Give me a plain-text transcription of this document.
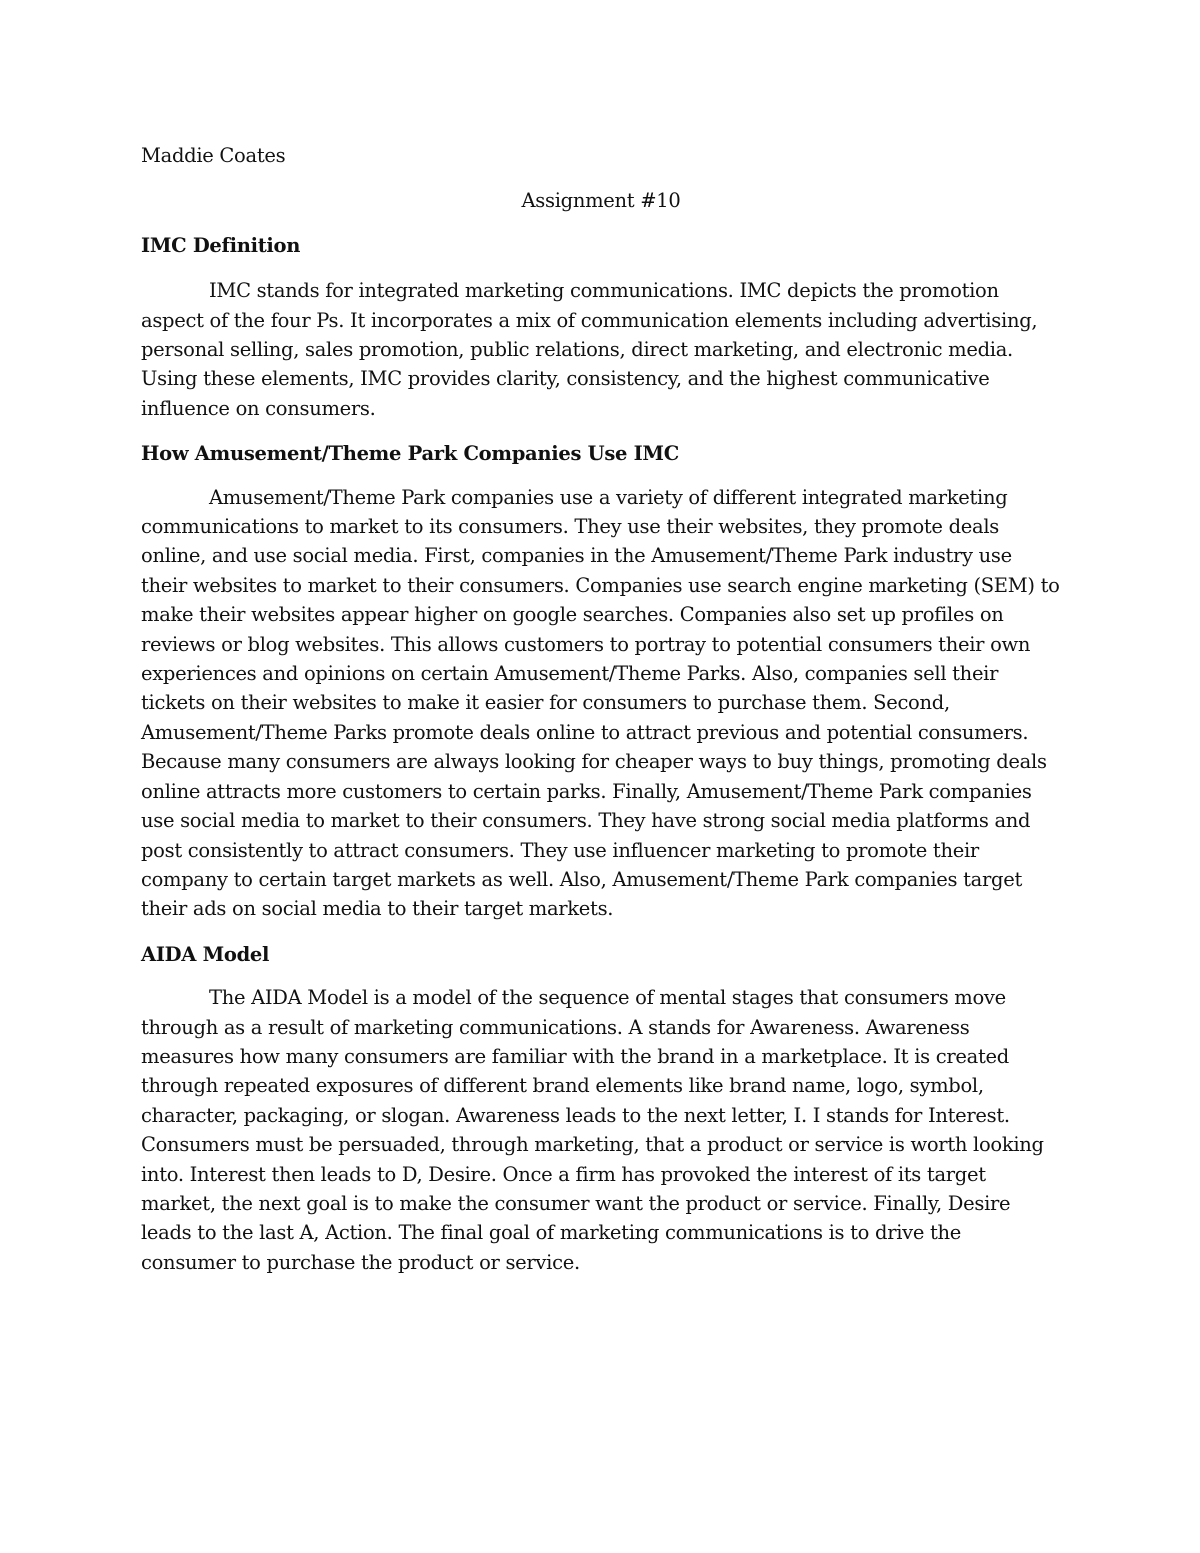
Maddie Coates

Assignment #10

IMC Definition

IMC stands for integrated marketing communications. IMC depicts the promotion aspect of the four Ps. It incorporates a mix of communication elements including advertising, personal selling, sales promotion, public relations, direct marketing, and electronic media. Using these elements, IMC provides clarity, consistency, and the highest communicative influence on consumers.

How Amusement/Theme Park Companies Use IMC

Amusement/Theme Park companies use a variety of different integrated marketing communications to market to its consumers. They use their websites, they promote deals online, and use social media. First, companies in the Amusement/Theme Park industry use their websites to market to their consumers. Companies use search engine marketing (SEM) to make their websites appear higher on google searches. Companies also set up profiles on reviews or blog websites. This allows customers to portray to potential consumers their own experiences and opinions on certain Amusement/Theme Parks. Also, companies sell their tickets on their websites to make it easier for consumers to purchase them. Second, Amusement/Theme Parks promote deals online to attract previous and potential consumers. Because many consumers are always looking for cheaper ways to buy things, promoting deals online attracts more customers to certain parks. Finally, Amusement/Theme Park companies use social media to market to their consumers. They have strong social media platforms and post consistently to attract consumers. They use influencer marketing to promote their company to certain target markets as well. Also, Amusement/Theme Park companies target their ads on social media to their target markets.

AIDA Model

The AIDA Model is a model of the sequence of mental stages that consumers move through as a result of marketing communications. A stands for Awareness. Awareness measures how many consumers are familiar with the brand in a marketplace. It is created through repeated exposures of different brand elements like brand name, logo, symbol, character, packaging, or slogan. Awareness leads to the next letter, I. I stands for Interest. Consumers must be persuaded, through marketing, that a product or service is worth looking into. Interest then leads to D, Desire. Once a firm has provoked the interest of its target market, the next goal is to make the consumer want the product or service. Finally, Desire leads to the last A, Action. The final goal of marketing communications is to drive the consumer to purchase the product or service.
